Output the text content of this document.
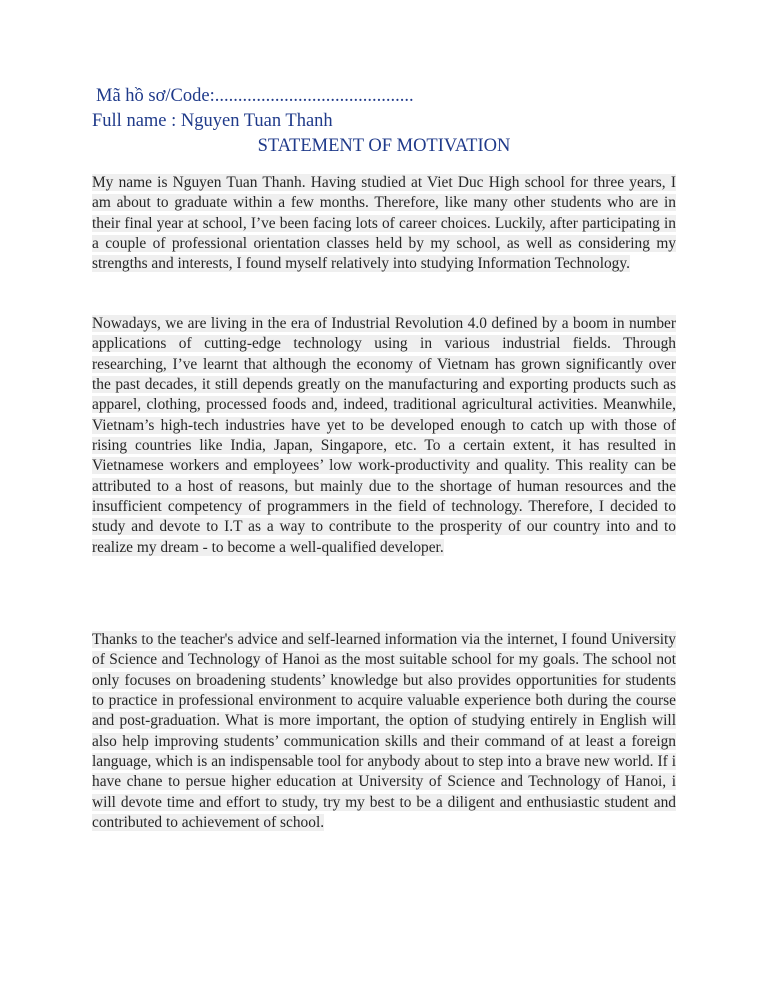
Mã hồ sơ/Code:...........................................
Full name : Nguyen Tuan Thanh
STATEMENT OF MOTIVATION

My name is Nguyen Tuan Thanh. Having studied at Viet Duc High school for three years, I am about to graduate within a few months. Therefore, like many other students who are in their final year at school, I’ve been facing lots of career choices. Luckily, after participating in a couple of professional orientation classes held by my school, as well as considering my strengths and interests, I found myself relatively into studying Information Technology.

Nowadays, we are living in the era of Industrial Revolution 4.0 defined by a boom in number applications of cutting-edge technology using in various industrial fields. Through researching, I’ve learnt that although the economy of Vietnam has grown significantly over the past decades, it still depends greatly on the manufacturing and exporting products such as apparel, clothing, processed foods and, indeed, traditional agricultural activities. Meanwhile, Vietnam’s high-tech industries have yet to be developed enough to catch up with those of rising countries like India, Japan, Singapore, etc. To a certain extent, it has resulted in Vietnamese workers and employees’ low work-productivity and quality. This reality can be attributed to a host of reasons, but mainly due to the shortage of human resources and the insufficient competency of programmers in the field of technology. Therefore, I decided to study and devote to I.T as a way to contribute to the prosperity of our country into and to realize my dream - to become a well-qualified developer.

Thanks to the teacher's advice and self-learned information via the internet, I found University of Science and Technology of Hanoi as the most suitable school for my goals. The school not only focuses on broadening students’ knowledge but also provides opportunities for students to practice in professional environment to acquire valuable experience both during the course and post-graduation. What is more important, the option of studying entirely in English will also help improving students’ communication skills and their command of at least a foreign language, which is an indispensable tool for anybody about to step into a brave new world. If i have chane to persue higher education at University of Science and Technology of Hanoi, i will devote time and effort to study, try my best to be a diligent and enthusiastic student and contributed to achievement of school.
